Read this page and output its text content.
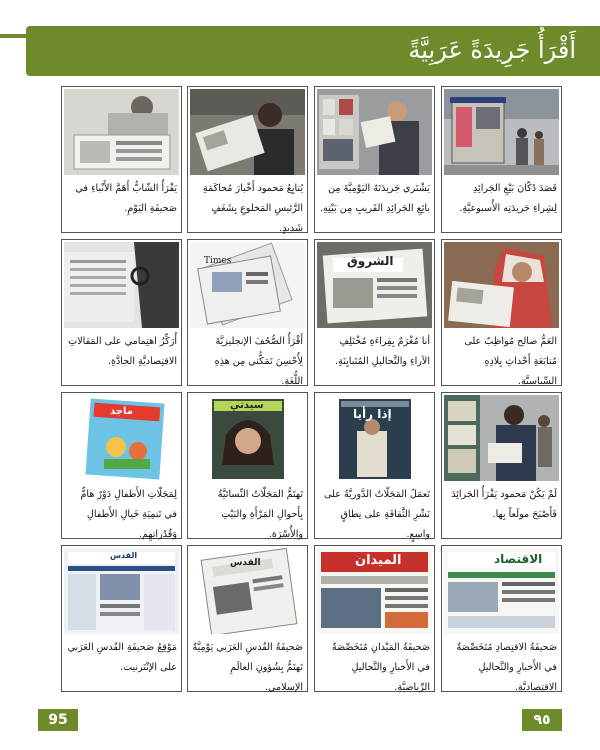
أَقْرَأُ جَرِيدَةً عَرَبِيَّةً
قَصَدَ دُكّانَ بَيْعِ الجَرائِدِ لِشِراءِ جَريدَتِه الأُسبوعيَّةِ.
يَشْتَري جَريدَتَهُ اليَوْمِيَّةَ مِن بائِعِ الجَرائِدِ القَريبِ مِن بَيْتِهِ.
يُتابِعُ مَحمود أَخْبارَ مُحاكَمَةِ الرَّئيسِ المَخلوعِ بِشَغَفٍ شَديدٍ.
يَقْرَأُ الشّابُّ أَهَمَّ الأَنْباءِ في صَحيفَةِ اليَوْمِ.
العَمُّ صالح مُواظِبٌ على مُتابَعَةِ أَحْداثِ بِلادِهِ السِّياسيَّةِ.
الشروق
أنا مُغْرَمٌ بِقِراءَةِ مُخْتَلِفِ الآراءِ والتَّحاليلِ المُتَبايِنَةِ.
Times
أَقْرَأُ الصُّحُفَ الإنجليزيَّةَ لِأُحْسِنَ تَمَكُّني مِن هذِهِ اللُّغَةِ.
أُرَكِّزُ اهتِمامي على المَقالاتِ الاقتِصاديَّةِ الجادَّةِ.
لَمْ يَكُنْ مَحمود يَقْرَأُ الجَرائِدَ فَأَصْبَحَ مولَعاً بِها.
إذا رأيا
تَعمَلُ المَجَلّاتُ الدَّوريَّةُ على نَشْرِ الثَّقافَةِ على نِطاقٍ واسِعٍ.
سيدتي
تَهتَمُّ المَجَلّاتُ النِّسائيَّةُ بِأَحوالِ المَرْأَةِ والبَيْتِ والأُسْرَةِ.
ماجد
لِمَجَلّاتِ الأَطفالِ دَوْرٌ هامٌّ في تَنمِيَةِ خَيالِ الأَطفالِ وَقُدُراتِهِم.
الاقتصاد
صَحيفَةُ الاقتِصادِ مُتَخَصِّصَةٌ في الأَخبارِ والتَّحاليلِ الاقتِصاديَّةِ.
الميدان
صَحيفَةُ المَيْدانِ مُتَخَصِّصَةٌ في الأَخبارِ والتَّحاليلِ الرِّياضيَّةِ.
القدس
صَحيفَةُ القُدسِ العَرَبي يَوْمِيَّةٌ تَهتَمُّ بِشُؤونِ العالَمِ الإسلامي.
القدس
مَوْقِعُ صَحيفَةِ القُدسِ العَرَبي على الإنْتَرنيت.
95	٩٥
